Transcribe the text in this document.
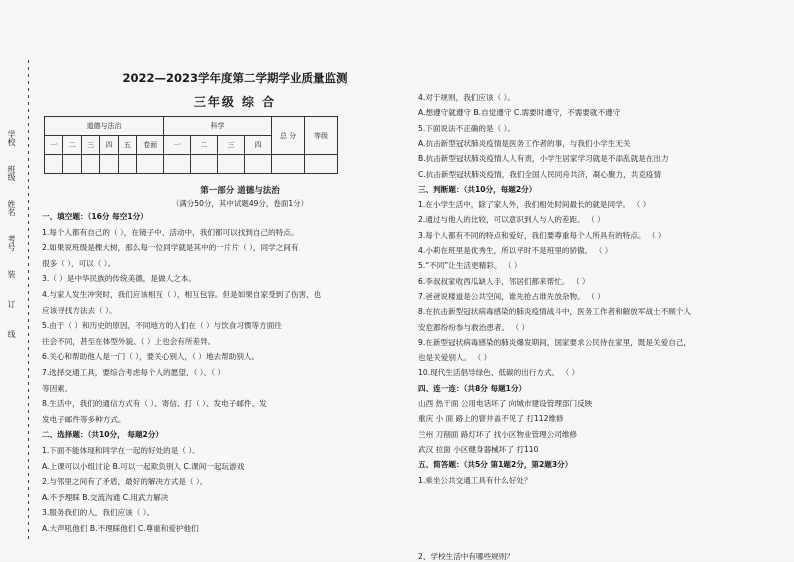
学校
班级
姓名
考号
装
订
线
2022—2023学年度第二学期学业质量监测
三年级 综 合
道德与法治						科学				总 分	等级
一	二	三	四	五	卷面	一	二	三	四		

第一部分 道德与法治
（满分50分，其中试题49分，卷面1分）
一、填空题：（16分 每空1分）
1.每个人都有自己的（ ），在镜子中、活动中，我们都可以找到自己的特点。
2.如果说班级是棵大树，那么每一位同学就是其中的一片片（ ），同学之间有
很多（ ），可以（ ）。
3.（ ）是中华民族的传统美德，是做人之本。
4.与家人发生冲突时，我们应该相互（ ），相互包容。但是如果自家受到了伤害，也
应该寻找方法去（ ）。
5.由于（ ）和历史的原因，不同地方的人们在（ ）与饮食习惯等方面往
往会不同，甚至在体型外貌、（ ）上也会有所差异。
6.关心和帮助他人是一门（ ），要关心别人，（ ）地去帮助别人。
7.选择交通工具，要综合考虑每个人的愿望、（ ）、（ ）
等因素。
8.生活中，我们的通信方式有（ ）、寄信、打（ ）、发电子邮件、发
发电子邮件等多种方式。
二、选择题：（共10分， 每题2分）
1.下面不能体现和同学在一起的好处的是（ ）。
A.上课可以小组讨论 B.可以一起欺负别人 C.课间一起玩游戏
2.与邻里之间有了矛盾，最好的解决方式是（ ）。
A.不予理睬 B.交流沟通 C.用武力解决
3.服务我们的人，我们应该（ ）。
A.大声吼他们 B.不理睬他们 C.尊重和爱护他们
4.对于规则，我们应该（ ）。
A.想遵守就遵守 B.自觉遵守 C.需要时遵守，不需要就不遵守
5.下面说法不正确的是（ ）。
A.抗击新型冠状肺炎疫情是医务工作者的事，与我们小学生无关
B.抗击新型冠状肺炎疫情人人有责，小学生居家学习就是不添乱就是在出力
C.抗击新型冠状肺炎疫情，我们全国人民同舟共济，凝心聚力，共克疫情
三、判断题：（共10分，每题2分）
1.在小学生活中，除了家人外，我们相处时间最长的就是同学。 （ ）
2.通过与他人的比较，可以意识到人与人的差距。 （ ）
3.每个人都有不同的特点和爱好，我们要尊重每个人所具有的特点。 （ ）
4.小莉在班里是优秀生，所以平时不是班里的骄傲。 （ ）
5.“不同”让生活更精彩。 （ ）
6.李叔叔家收西瓜缺人手，邻居们都来帮忙。 （ ）
7.爸爸说楼道是公共空间，谁先抢占谁先放杂物。 （ ）
8.在抗击新型冠状病毒感染的肺炎疫情战斗中，医务工作者和解放军战士不顾个人
安危都纷纷参与救治患者。 （ ）
9.在新型冠状病毒感染的肺炎爆发期间，国家要求公民待在家里，既是关爱自己，
也是关爱别人。 （ ）
10.现代生活倡导绿色、低碳的出行方式。 （ ）
四、连一连：（共8分 每题1分）
山西 热干面 公用电话坏了 向城市建设管理部门反映
重庆 小 面 路上的窨井盖不见了 打112维修
兰州 刀削面 路灯坏了 找小区物业管理公司维修
武汉 拉面 小区健身器械坏了 打110
五、简答题：（共5分 第1题2分，第2题3分）
1.乘坐公共交通工具有什么好处？
2、学校生活中有哪些规则？
